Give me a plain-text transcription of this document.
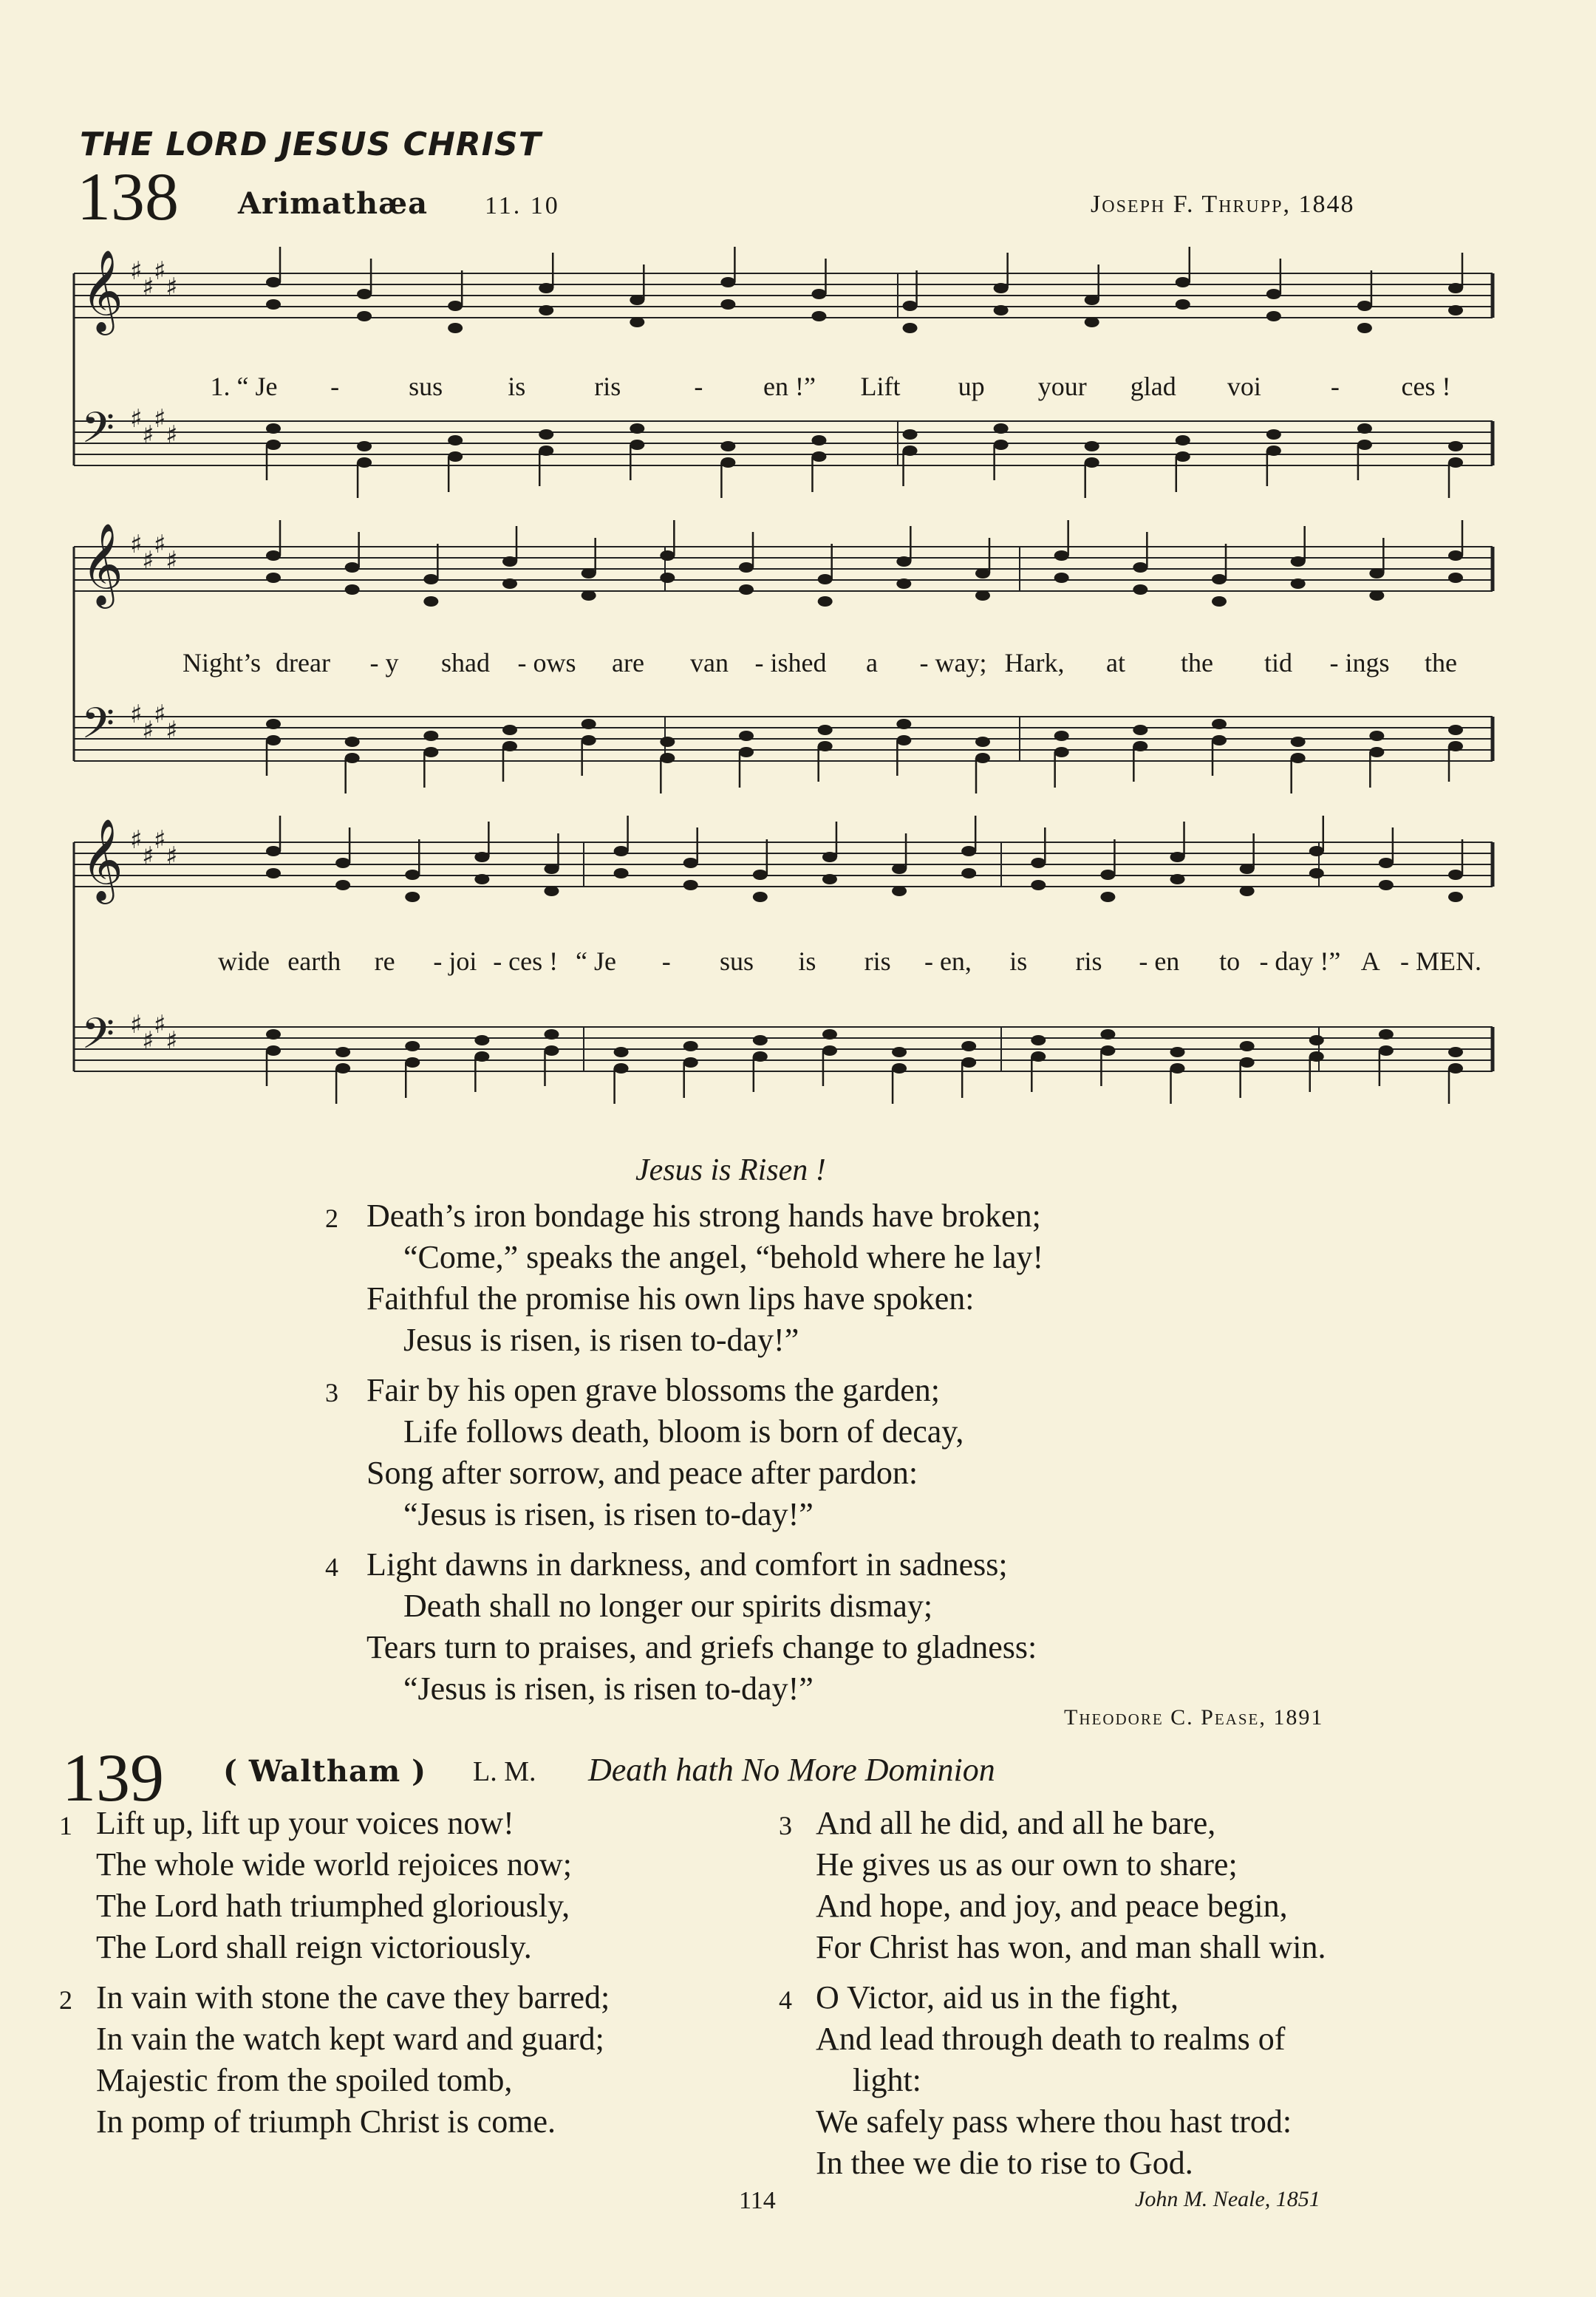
THE LORD JESUS CHRIST
138 Arimathæa 11. 10	Joseph F. Thrupp, 1848
𝄞 ♯
♯
♯
♯
𝄢 ♯
♯
♯
♯
1. “ Je -	sus is	ris	- en !” Lift up your glad voi	- ces !
𝄞 ♯
♯
♯
♯
𝄢 ♯
♯
♯
♯
Night’s drear - y shad - ows are van - ished a - way; Hark, at the tid - ings the
𝄞 ♯
♯
♯
♯
𝄢 ♯
♯
♯
♯
wide earth re - joi - ces ! “ Je - sus is ris - en, is ris - en to - day !” A - MEN.
Jesus is Risen !
2 Death’s iron bondage his strong hands have broken;
“Come,” speaks the angel, “behold where he lay!
Faithful the promise his own lips have spoken:
Jesus is risen, is risen to-day!”
3 Fair by his open grave blossoms the garden;
Life follows death, bloom is born of decay,
Song after sorrow, and peace after pardon:
“Jesus is risen, is risen to-day!”
4 Light dawns in darkness, and comfort in sadness;
Death shall no longer our spirits dismay;
Tears turn to praises, and griefs change to gladness:
“Jesus is risen, is risen to-day!”
Theodore C. Pease, 1891
139 ( Waltham ) L. M. Death hath No More Dominion
1 Lift up, lift up your voices now!
The whole wide world rejoices now;
The Lord hath triumphed gloriously,
The Lord shall reign victoriously.
2 In vain with stone the cave they barred;
In vain the watch kept ward and guard;
Majestic from the spoiled tomb,
In pomp of triumph Christ is come.
3 And all he did, and all he bare,
He gives us as our own to share;
And hope, and joy, and peace begin,
For Christ has won, and man shall win.
4 O Victor, aid us in the fight,
And lead through death to realms of
light:
We safely pass where thou hast trod:
In thee we die to rise to God.
114	John M. Neale, 1851
